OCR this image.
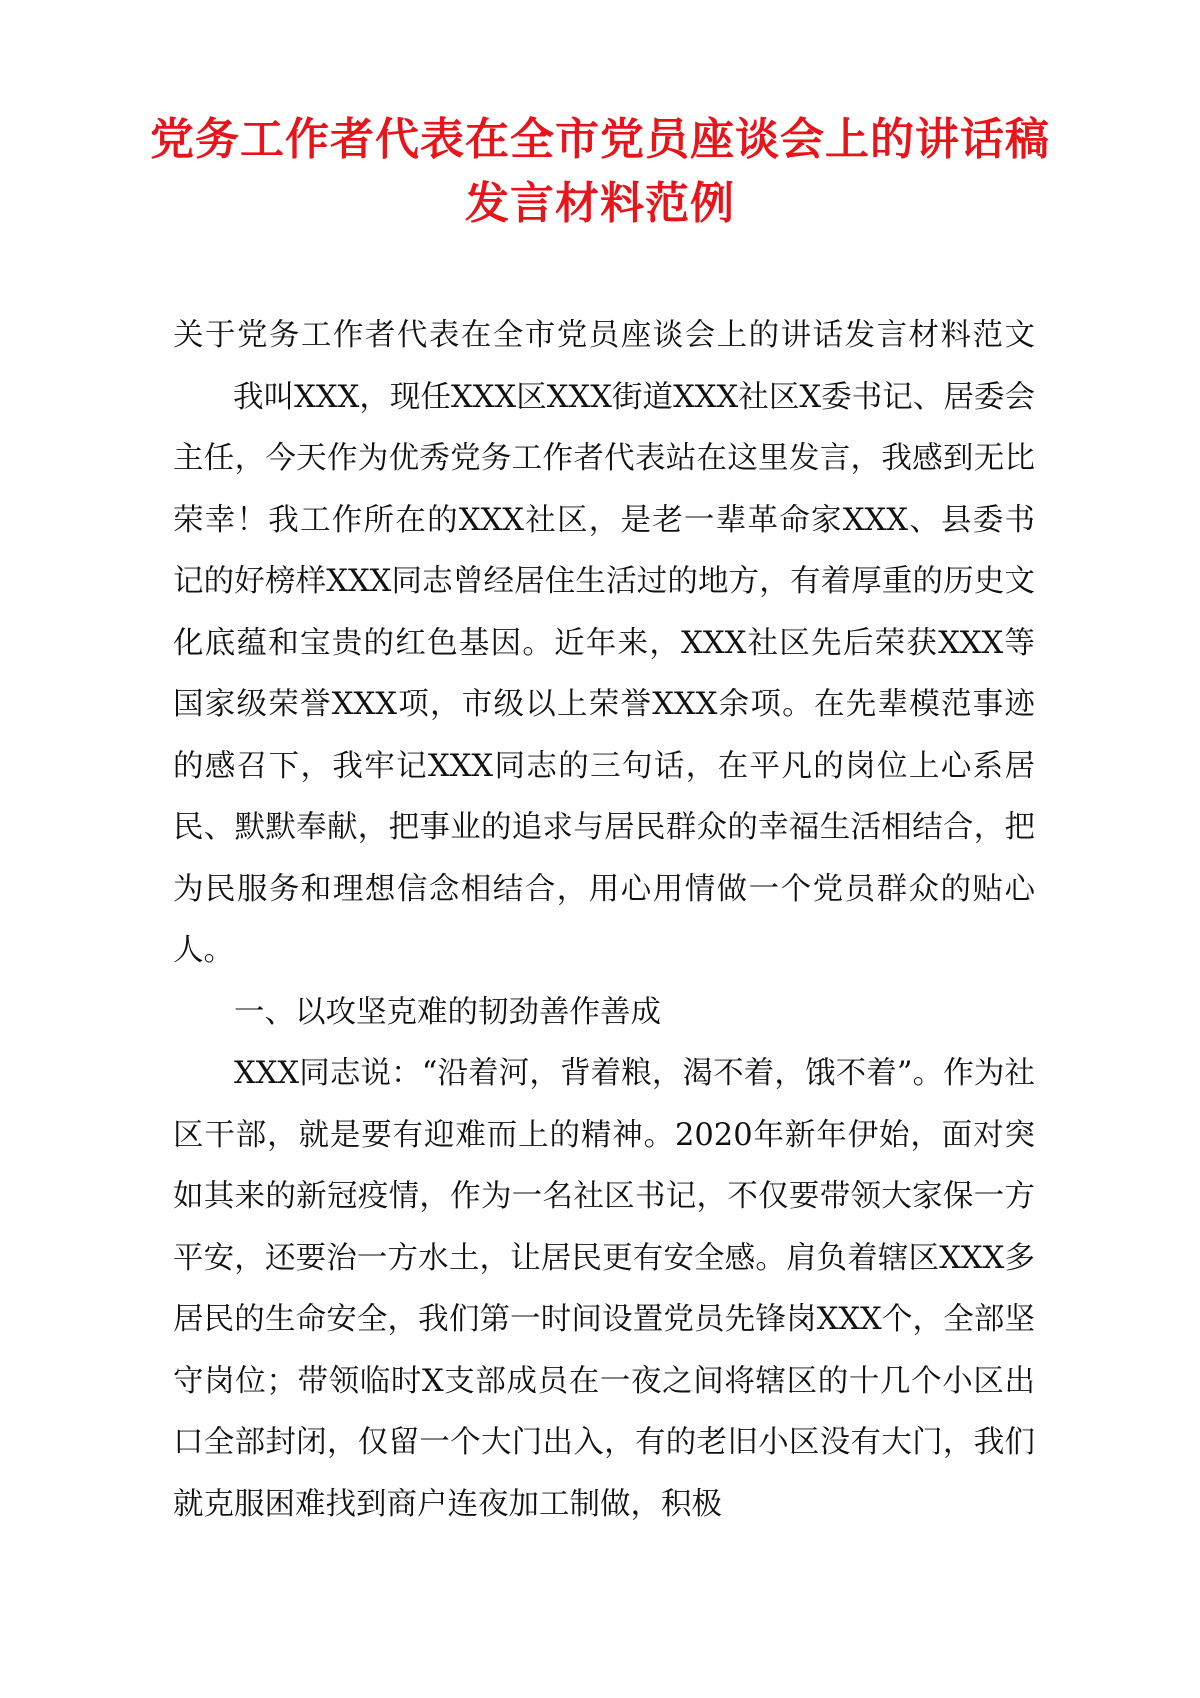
党务工作者代表在全市党员座谈会上的讲话稿发言材料范例

关于党务工作者代表在全市党员座谈会上的讲话发言材料范文我叫XXX，现任XXX区XXX街道XXX社区X委书记、居委会主任，今天作为优秀党务工作者代表站在这里发言，我感到无比荣幸！我工作所在的XXX社区，是老一辈革命家XXX、县委书记的好榜样XXX同志曾经居住生活过的地方，有着厚重的历史文化底蕴和宝贵的红色基因。近年来，XXX社区先后荣获XXX等国家级荣誉XXX项，市级以上荣誉XXX余项。在先辈模范事迹的感召下，我牢记XXX同志的三句话，在平凡的岗位上心系居民、默默奉献，把事业的追求与居民群众的幸福生活相结合，把为民服务和理想信念相结合，用心用情做一个党员群众的贴心人。

一、以攻坚克难的韧劲善作善成

XXX同志说：“沿着河，背着粮，渴不着，饿不着”。作为社区干部，就是要有迎难而上的精神。2020年新年伊始，面对突如其来的新冠疫情，作为一名社区书记，不仅要带领大家保一方平安，还要治一方水土，让居民更有安全感。肩负着辖区XXX多居民的生命安全，我们第一时间设置党员先锋岗XXX个，全部坚守岗位；带领临时X支部成员在一夜之间将辖区的十几个小区出口全部封闭，仅留一个大门出入，有的老旧小区没有大门，我们就克服困难找到商户连夜加工制做，积极
